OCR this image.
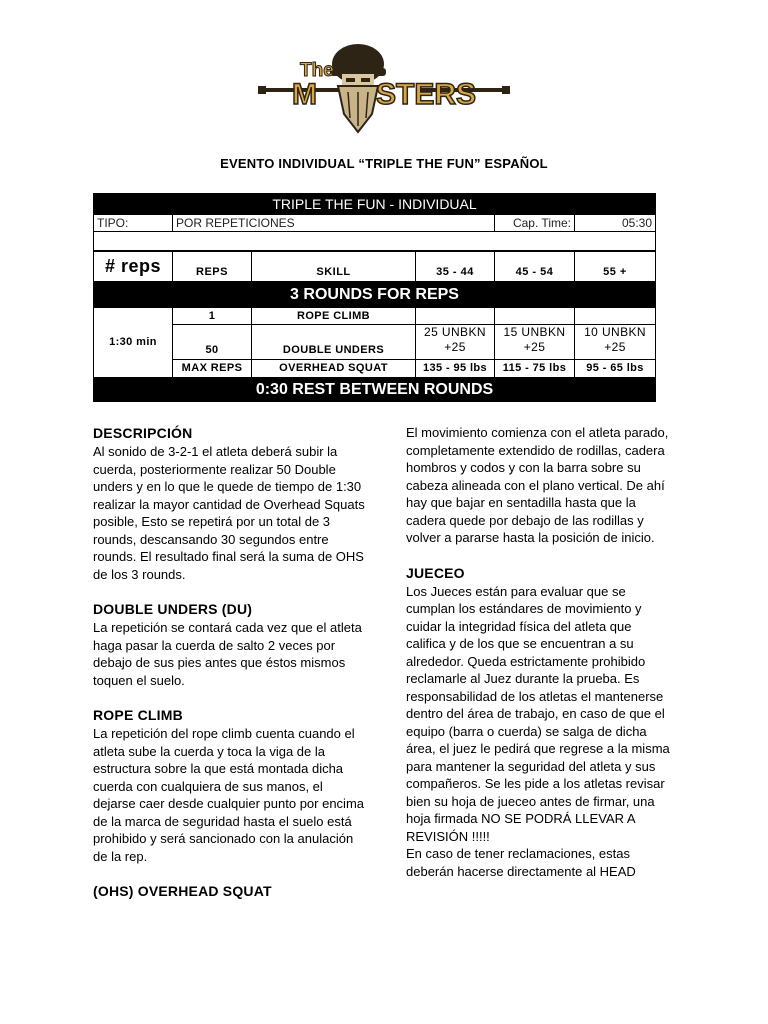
The
M STERS
EVENTO INDIVIDUAL “TRIPLE THE FUN” ESPAÑOL
TRIPLE THE FUN - INDIVIDUAL					
TIPO:	POR REPETICIONES			Cap. Time:	05:30

# reps	REPS	SKILL	35 - 44	45 - 54	55 +
3 ROUNDS FOR REPS					
1:30 min	1	ROPE CLIMB			
	50	DOUBLE UNDERS	25 UNBKN +25	15 UNBKN +25	10 UNBKN +25
	MAX REPS	OVERHEAD SQUAT	135 - 95 lbs	115 - 75 lbs	95 - 65 lbs
0:30 REST BETWEEN ROUNDS					
DESCRIPCIÓN

Al sonido de 3-2-1 el atleta deberá subir la cuerda, posteriormente realizar 50 Double unders y en lo que le quede de tiempo de 1:30 realizar la mayor cantidad de Overhead Squats posible, Esto se repetirá por un total de 3 rounds, descansando 30 segundos entre rounds. El resultado final será la suma de OHS de los 3 rounds.

DOUBLE UNDERS (DU)

La repetición se contará cada vez que el atleta haga pasar la cuerda de salto 2 veces por debajo de sus pies antes que éstos mismos toquen el suelo.

ROPE CLIMB

La repetición del rope climb cuenta cuando el atleta sube la cuerda y toca la viga de la estructura sobre la que está montada dicha cuerda con cualquiera de sus manos, el dejarse caer desde cualquier punto por encima de la marca de seguridad hasta el suelo está prohibido y será sancionado con la anulación de la rep.

(OHS) OVERHEAD SQUAT

El movimiento comienza con el atleta parado, completamente extendido de rodillas, cadera hombros y codos y con la barra sobre su cabeza alineada con el plano vertical. De ahí hay que bajar en sentadilla hasta que la cadera quede por debajo de las rodillas y volver a pararse hasta la posición de inicio.

JUECEO

Los Jueces están para evaluar que se cumplan los estándares de movimiento y cuidar la integridad física del atleta que califica y de los que se encuentran a su alrededor. Queda estrictamente prohibido reclamarle al Juez durante la prueba. Es responsabilidad de los atletas el mantenerse dentro del área de trabajo, en caso de que el equipo (barra o cuerda) se salga de dicha área, el juez le pedirá que regrese a la misma para mantener la seguridad del atleta y sus compañeros. Se les pide a los atletas revisar bien su hoja de jueceo antes de firmar, una hoja firmada NO SE PODRÁ LLEVAR A REVISIÓN !!!!!

En caso de tener reclamaciones, estas deberán hacerse directamente al HEAD
